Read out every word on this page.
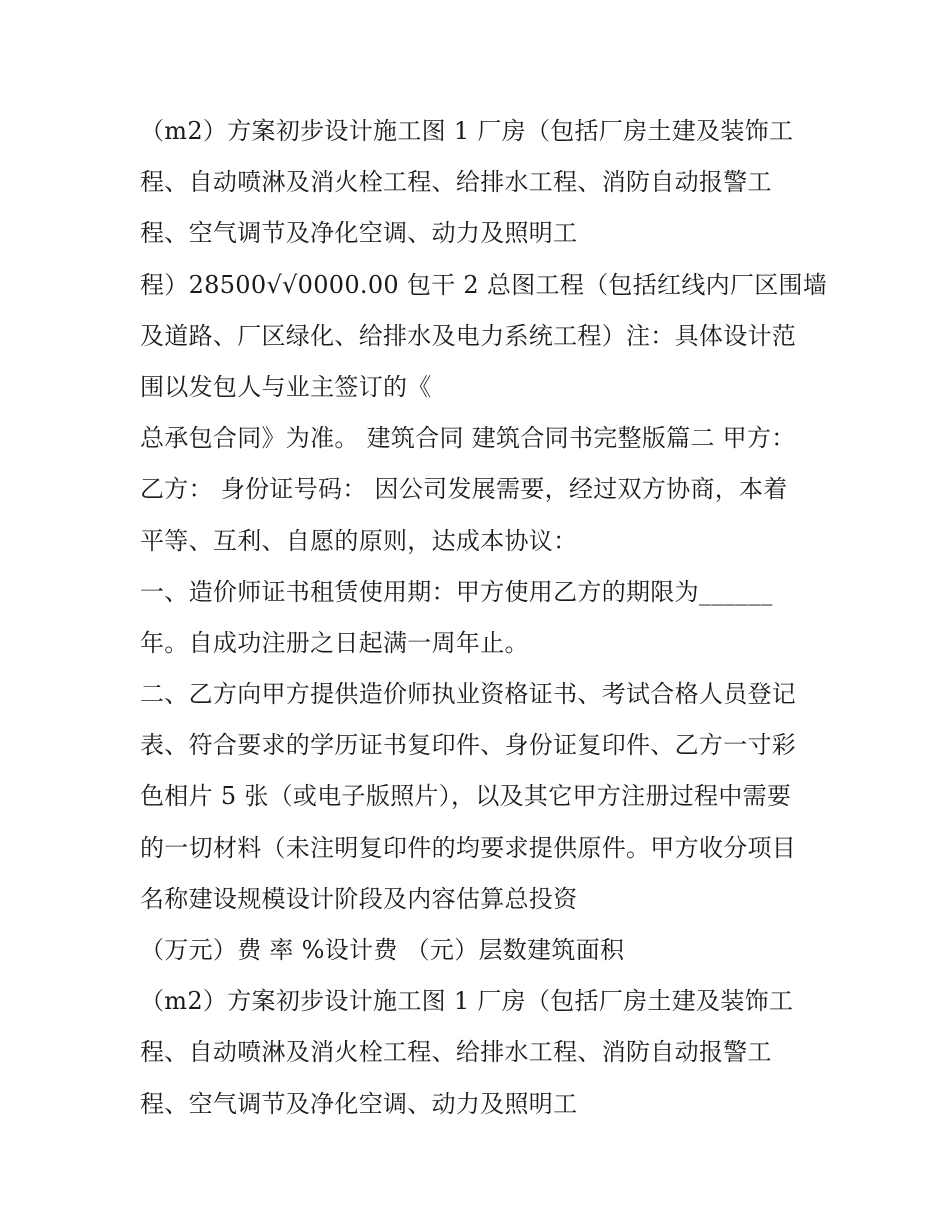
（m2）方案初步设计施工图 1 厂房（包括厂房土建及装饰工
程、自动喷淋及消火栓工程、给排水工程、消防自动报警工
程、空气调节及净化空调、动力及照明工
程）28500√√0000.00 包干 2 总图工程（包括红线内厂区围墙
及道路、厂区绿化、给排水及电力系统工程）注：具体设计范
围以发包人与业主签订的《
总承包合同》为准。 建筑合同 建筑合同书完整版篇二 甲方：
乙方： 身份证号码： 因公司发展需要，经过双方协商，本着
平等、互利、自愿的原则，达成本协议：
一、造价师证书租赁使用期：甲方使用乙方的期限为______
年。自成功注册之日起满一周年止。
二、乙方向甲方提供造价师执业资格证书、考试合格人员登记
表、符合要求的学历证书复印件、身份证复印件、乙方一寸彩
色相片 5 张（或电子版照片），以及其它甲方注册过程中需要
的一切材料（未注明复印件的均要求提供原件。甲方收分项目
名称建设规模设计阶段及内容估算总投资
（万元）费 率 %设计费 （元）层数建筑面积
（m2）方案初步设计施工图 1 厂房（包括厂房土建及装饰工
程、自动喷淋及消火栓工程、给排水工程、消防自动报警工
程、空气调节及净化空调、动力及照明工
